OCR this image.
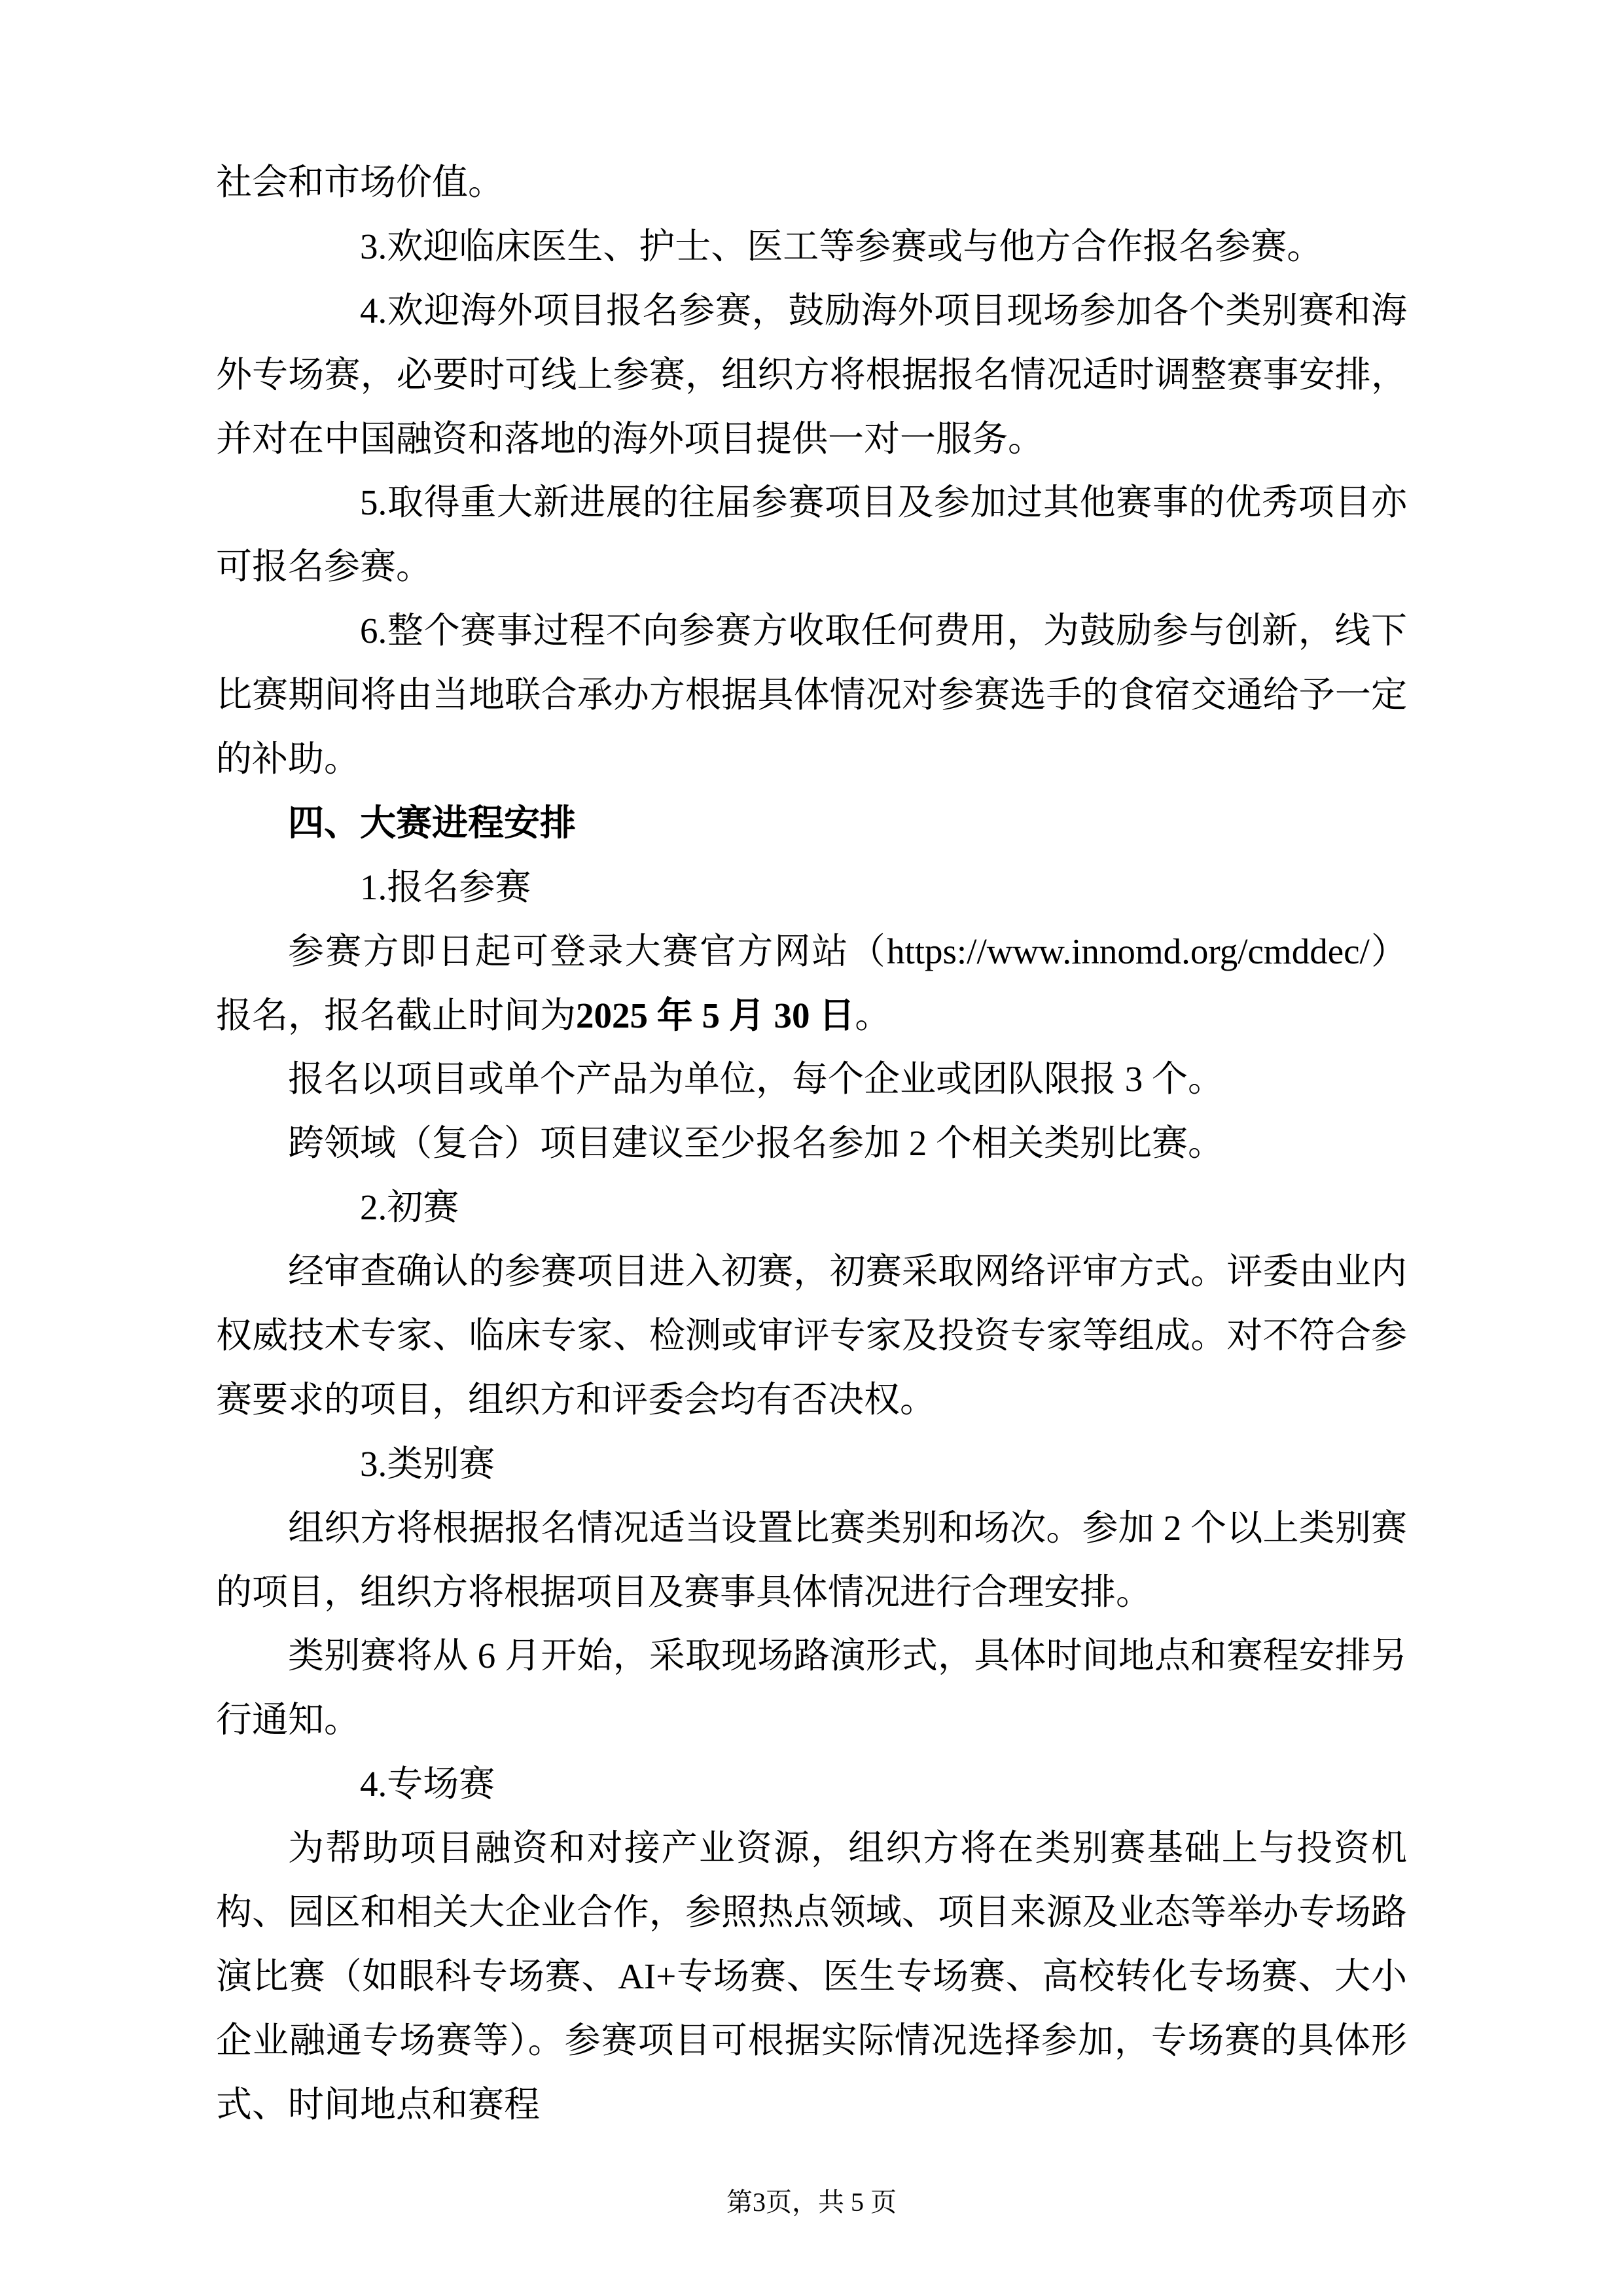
社会和市场价值。

3.欢迎临床医生、护士、医工等参赛或与他方合作报名参赛。

4.欢迎海外项目报名参赛，鼓励海外项目现场参加各个类别赛和海外专场赛，必要时可线上参赛，组织方将根据报名情况适时调整赛事安排，并对在中国融资和落地的海外项目提供一对一服务。

5.取得重大新进展的往届参赛项目及参加过其他赛事的优秀项目亦可报名参赛。

6.整个赛事过程不向参赛方收取任何费用，为鼓励参与创新，线下比赛期间将由当地联合承办方根据具体情况对参赛选手的食宿交通给予一定的补助。

四、大赛进程安排

1.报名参赛

参赛方即日起可登录大赛官方网站（https://www.innomd.org/cmddec/）报名，报名截止时间为2025 年 5 月 30 日。

报名以项目或单个产品为单位，每个企业或团队限报 3 个。

跨领域（复合）项目建议至少报名参加 2 个相关类别比赛。

2.初赛

经审查确认的参赛项目进入初赛，初赛采取网络评审方式。评委由业内权威技术专家、临床专家、检测或审评专家及投资专家等组成。对不符合参赛要求的项目，组织方和评委会均有否决权。

3.类别赛

组织方将根据报名情况适当设置比赛类别和场次。参加 2 个以上类别赛的项目，组织方将根据项目及赛事具体情况进行合理安排。

类别赛将从 6 月开始，采取现场路演形式，具体时间地点和赛程安排另行通知。

4.专场赛

为帮助项目融资和对接产业资源，组织方将在类别赛基础上与投资机构、园区和相关大企业合作，参照热点领域、项目来源及业态等举办专场路演比赛（如眼科专场赛、AI+专场赛、医生专场赛、高校转化专场赛、大小企业融通专场赛等）。参赛项目可根据实际情况选择参加，专场赛的具体形式、时间地点和赛程

第3页，共 5 页
